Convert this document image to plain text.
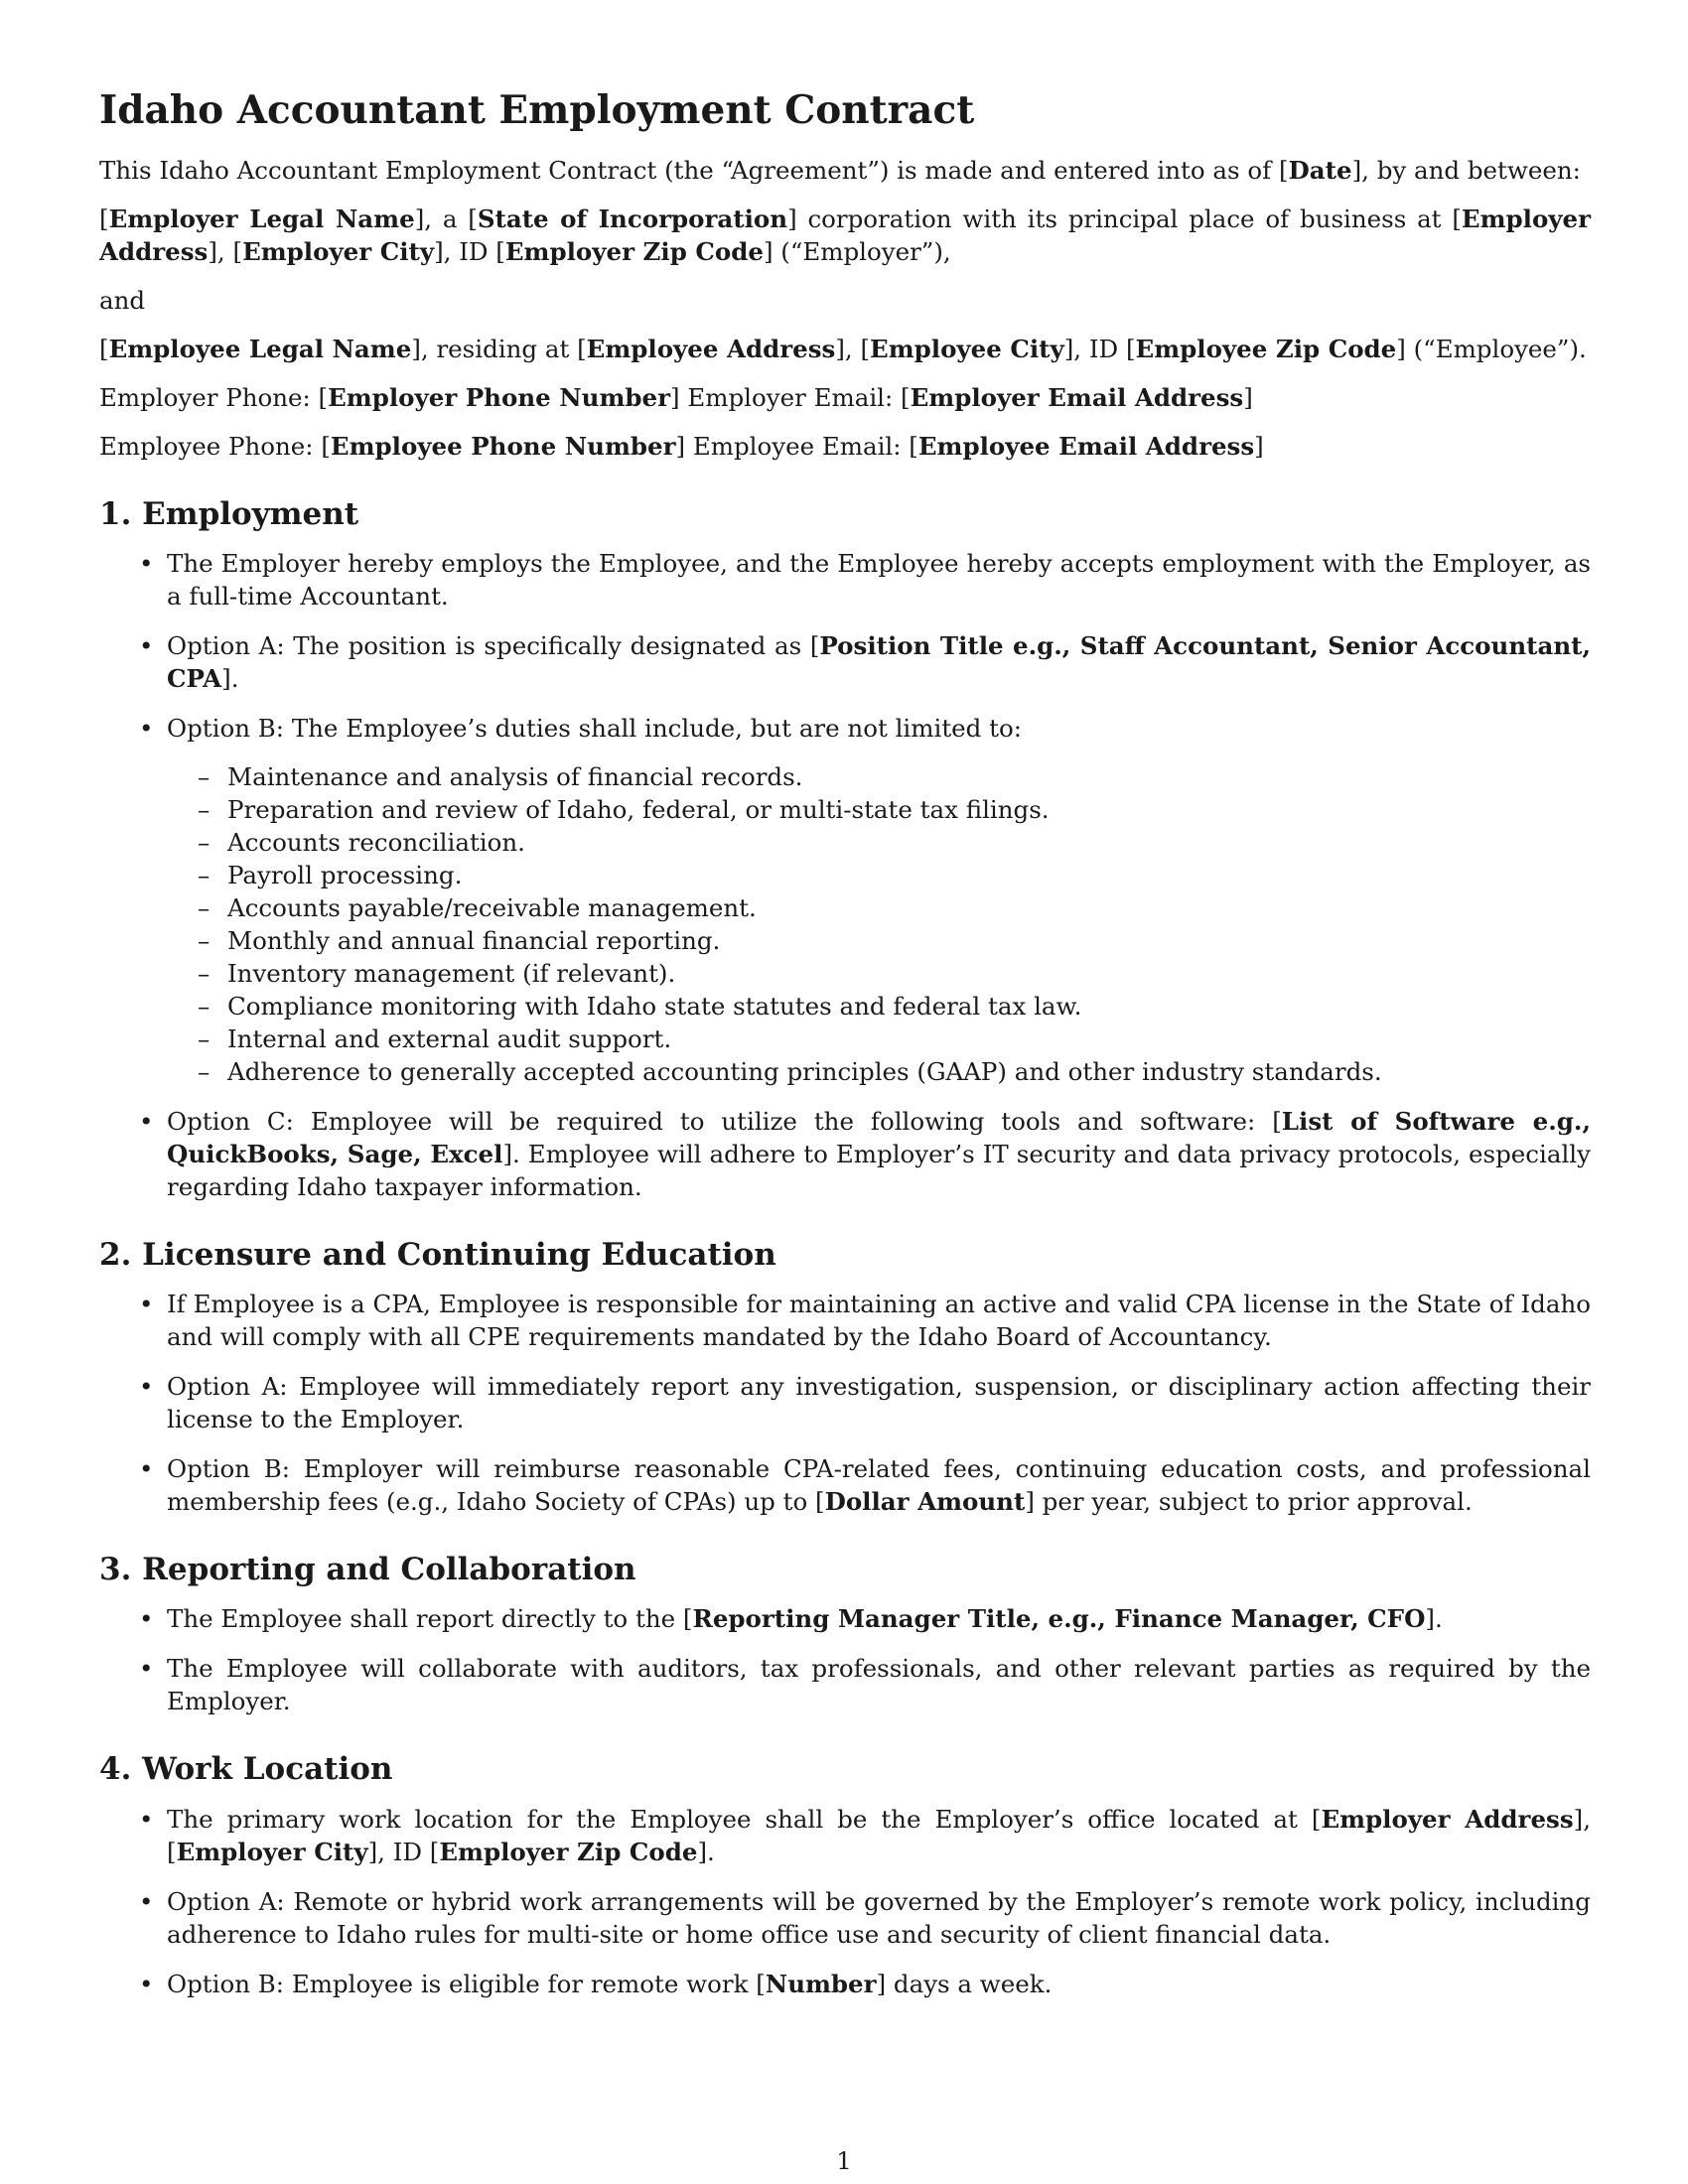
Idaho Accountant Employment Contract

This Idaho Accountant Employment Contract (the “Agreement”) is made and entered into as of [Date], by and between:

[Employer Legal Name], a [State of Incorporation] corporation with its principal place of business at [Employer Address], [Employer City], ID [Employer Zip Code] (“Employer”),

and

[Employee Legal Name], residing at [Employee Address], [Employee City], ID [Employee Zip Code] (“Employee”).

Employer Phone: [Employer Phone Number] Employer Email: [Employer Email Address]

Employee Phone: [Employee Phone Number] Employee Email: [Employee Email Address]

1. Employment
• The Employer hereby employs the Employee, and the Employee hereby accepts employment with the Employer, as a full-time Accountant.
• Option A: The position is specifically designated as [Position Title e.g., Staff Accountant, Senior Accountant, CPA].
• Option B: The Employee’s duties shall include, but are not limited to:
– Maintenance and analysis of financial records.
– Preparation and review of Idaho, federal, or multi-state tax filings.
– Accounts reconciliation.
– Payroll processing.
– Accounts payable/receivable management.
– Monthly and annual financial reporting.
– Inventory management (if relevant).
– Compliance monitoring with Idaho state statutes and federal tax law.
– Internal and external audit support.
– Adherence to generally accepted accounting principles (GAAP) and other industry standards.
• Option C: Employee will be required to utilize the following tools and software: [List of Software e.g., QuickBooks, Sage, Excel]. Employee will adhere to Employer’s IT security and data privacy protocols, especially regarding Idaho taxpayer information.
2. Licensure and Continuing Education
• If Employee is a CPA, Employee is responsible for maintaining an active and valid CPA license in the State of Idaho and will comply with all CPE requirements mandated by the Idaho Board of Accountancy.
• Option A: Employee will immediately report any investigation, suspension, or disciplinary action affecting their license to the Employer.
• Option B: Employer will reimburse reasonable CPA-related fees, continuing education costs, and professional membership fees (e.g., Idaho Society of CPAs) up to [Dollar Amount] per year, subject to prior approval.
3. Reporting and Collaboration
• The Employee shall report directly to the [Reporting Manager Title, e.g., Finance Manager, CFO].
• The Employee will collaborate with auditors, tax professionals, and other relevant parties as required by the Employer.
4. Work Location
• The primary work location for the Employee shall be the Employer’s office located at [Employer Address], [Employer City], ID [Employer Zip Code].
• Option A: Remote or hybrid work arrangements will be governed by the Employer’s remote work policy, including adherence to Idaho rules for multi-site or home office use and security of client financial data.
• Option B: Employee is eligible for remote work [Number] days a week.
1
